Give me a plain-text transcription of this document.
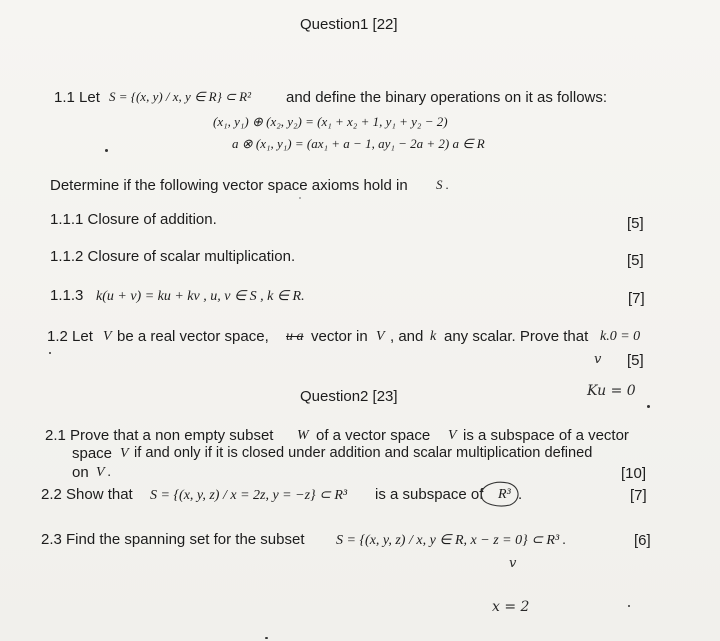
Question1 [22]
1.1 Let S = {(x, y) / x, y ∈ R} ⊂ R² and define the binary operations on it as follows:
(x₁, y₁) ⊕ (x₂, y₂) = (x₁ + x₂ + 1, y₁ + y₂ − 2)
a ⊗ (x₁, y₁) = (ax₁ + a − 1, ay₁ − 2a + 2) a ∈ R
Determine if the following vector space axioms hold in S .
1.1.1 Closure of addition.	[5]
1.1.2 Closure of scalar multiplication.	[5]
1.1.3 k(u + v) = ku + kv , u, v ∈ S , k ∈ R.	[7]
1.2 Let V be a real vector space, u a vector in V , and k any scalar. Prove that k.0 = 0
[5]
Question2 [23]
2.1 Prove that a non empty subset W of a vector space V is a subspace of a vector
space V if and only if it is closed under addition and scalar multiplication defined
on V .	[10]
2.2 Show that S = {(x, y, z) / x = 2z, y = −z} ⊂ R³ is a subspace of R³ .	[7]
2.3 Find the spanning set for the subset S = {(x, y, z) / x, y ∈ R, x − z = 0} ⊂ R³ .	[6]
v
Ku = 0
v
x = 2
